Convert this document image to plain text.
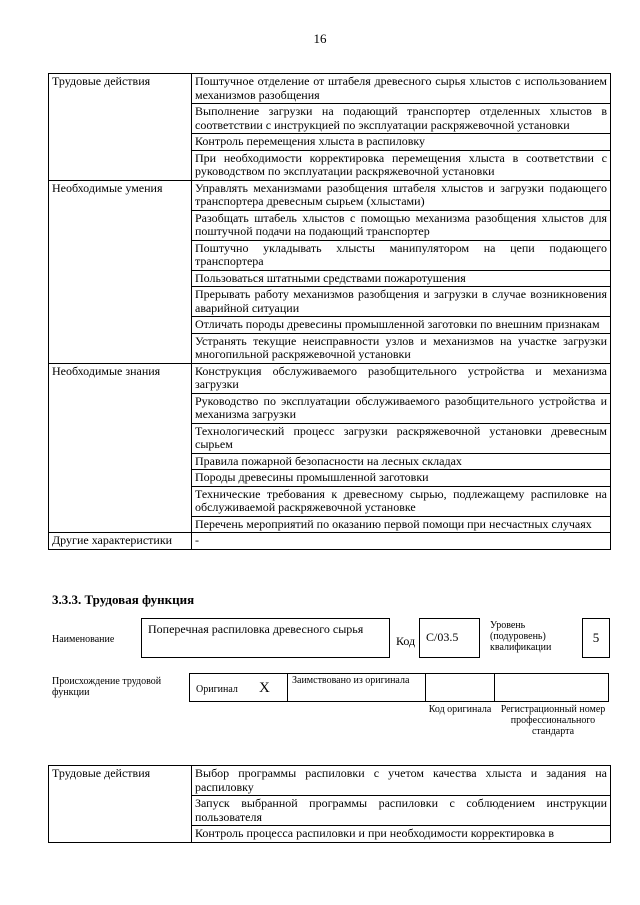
16
Трудовые действия	Поштучное отделение от штабеля древесного сырья хлыстов с использованием механизмов разобщения
	Выполнение загрузки на подающий транспортер отделенных хлыстов в соответствии с инструкцией по эксплуатации раскряжевочной установки
	Контроль перемещения хлыста в распиловку
	При необходимости корректировка перемещения хлыста в соответствии с руководством по эксплуатации раскряжевочной установки
Необходимые умения	Управлять механизмами разобщения штабеля хлыстов и загрузки подающего транспортера древесным сырьем (хлыстами)
	Разобщать штабель хлыстов с помощью механизма разобщения хлыстов для поштучной подачи на подающий транспортер
	Поштучно укладывать хлысты манипулятором на цепи подающего транспортера
	Пользоваться штатными средствами пожаротушения
	Прерывать работу механизмов разобщения и загрузки в случае возникновения аварийной ситуации
	Отличать породы древесины промышленной заготовки по внешним признакам
	Устранять текущие неисправности узлов и механизмов на участке загрузки многопильной раскряжевочной установки
Необходимые знания	Конструкция обслуживаемого разобщительного устройства и механизма загрузки
	Руководство по эксплуатации обслуживаемого разобщительного устройства и механизма загрузки
	Технологический процесс загрузки раскряжевочной установки древесным сырьем
	Правила пожарной безопасности на лесных складах
	Породы древесины промышленной заготовки
	Технические требования к древесному сырью, подлежащему распиловке на обслуживаемой раскряжевочной установке
	Перечень мероприятий по оказанию первой помощи при несчастных случаях
Другие характеристики	-
3.3.3. Трудовая функция
Наименование
Поперечная распиловка древесного сырья
Код С/03.5
Уровень (подуровень) квалификации
5
Происхождение трудовой функции	Оригинал X Заимствовано из оригинала
Код оригинала Регистрационный номер профессионального стандарта
Трудовые действия	Выбор программы распиловки с учетом качества хлыста и задания на распиловку
Запуск выбранной программы распиловки с соблюдением инструкции пользователя
Контроль процесса распиловки и при необходимости корректировка в
